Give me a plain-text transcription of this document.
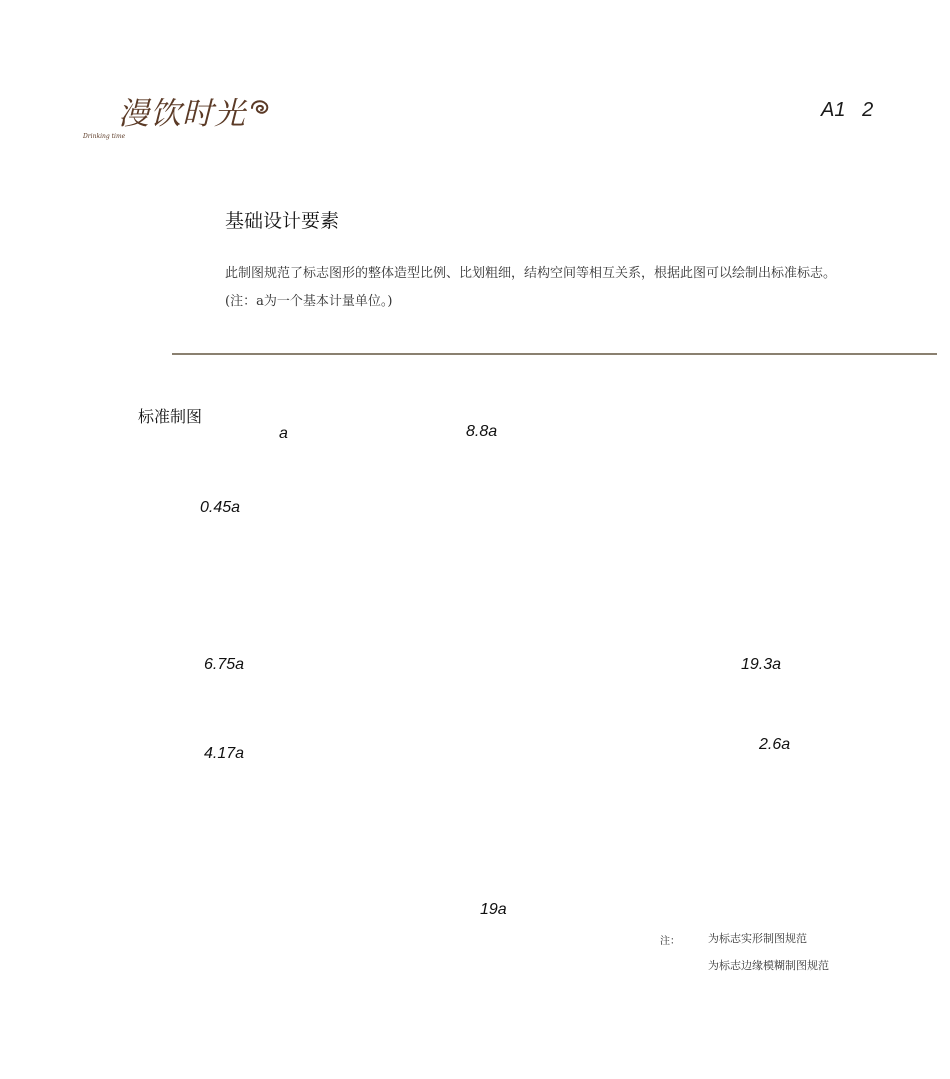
漫饮时光
Drinking time
A1   2
基础设计要素
此制图规范了标志图形的整体造型比例、比划粗细，结构空间等相互关系，根据此图可以绘制出标准标志。
(注：a为一个基本计量单位。)
标准制图
a	8.8a
0.45a
6.75a	19.3a
2.6a
4.17a
19a
注：	为标志实形制图规范
为标志边缘模糊制图规范
